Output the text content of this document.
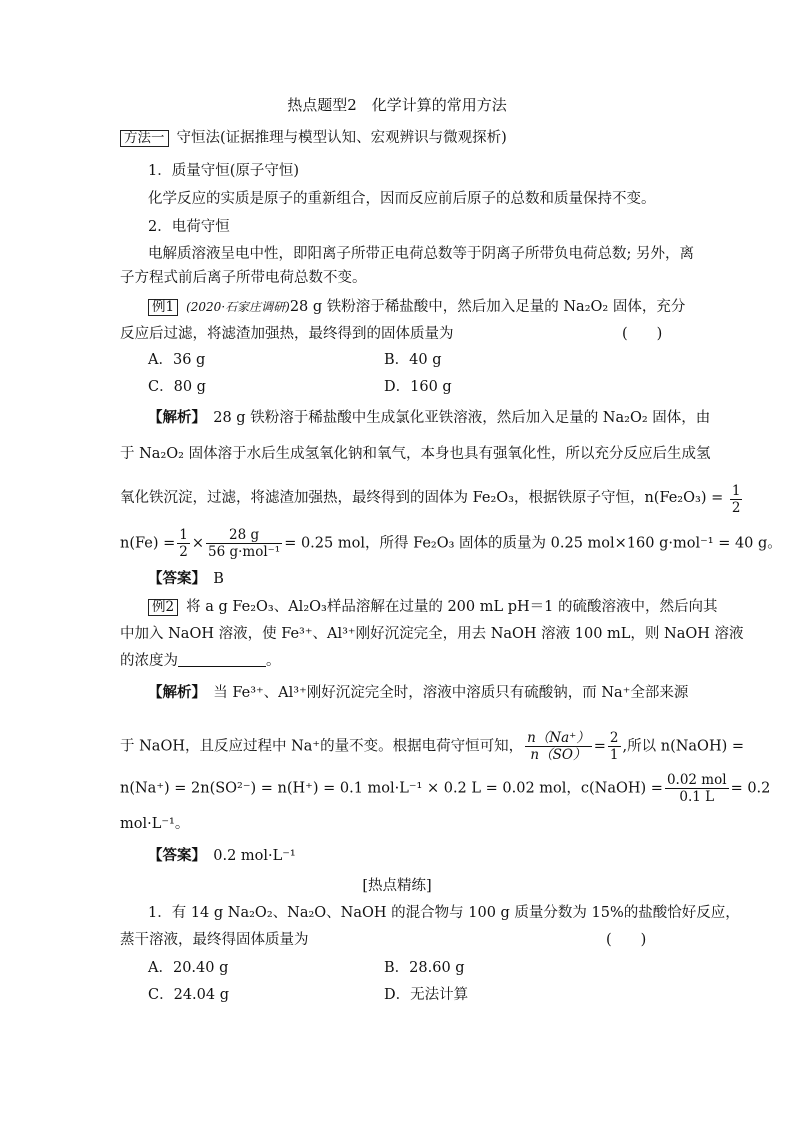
热点题型2　化学计算的常用方法
方法一 守恒法(证据推理与模型认知、宏观辨识与微观探析)
1．质量守恒(原子守恒)
化学反应的实质是原子的重新组合，因而反应前后原子的总数和质量保持不变。
2．电荷守恒
电解质溶液呈电中性，即阳离子所带正电荷总数等于阴离子所带负电荷总数; 另外，离
子方程式前后离子所带电荷总数不变。
例1 (2020·石家庄调研)28 g 铁粉溶于稀盐酸中，然后加入足量的 Na₂O₂ 固体，充分
反应后过滤，将滤渣加强热，最终得到的固体质量为	(　　)
A．36 g	B．40 g
C．80 g	D．160 g
【解析】　 28 g 铁粉溶于稀盐酸中生成氯化亚铁溶液，然后加入足量的 Na₂O₂ 固体，由
于 Na₂O₂ 固体溶于水后生成氢氧化钠和氧气，本身也具有强氧化性，所以充分反应后生成氢
氧化铁沉淀，过滤，将滤渣加强热，最终得到的固体为 Fe₂O₃，根据铁原子守恒，$n(Fe_2O_3) = \frac{1}{2}$
$n(Fe) = \frac{1}{2} \times \frac{28 g}{\text{56 g·mol⁻¹}} = 0.25$ mol，所得 Fe₂O₃ 固体的质量为 0.25 mol×160 g·mol⁻¹ = 40 g。
【答案】　 B
例2 将 a g Fe₂O₃、Al₂O₃样品溶解在过量的 200 mL pH＝1 的硫酸溶液中，然后向其
中加入 NaOH 溶液，使 Fe³⁺、Al³⁺刚好沉淀完全，用去 NaOH 溶液 100 mL，则 NaOH 溶液
的浓度为	。
【解析】　 当 Fe³⁺、Al³⁺刚好沉淀完全时，溶液中溶质只有硫酸钠，而 Na⁺全部来源
于 NaOH，且反应过程中 Na⁺的量不变。根据电荷守恒可知， $\frac{n(Na^+)}{n(SO)} = \frac{2}{1}$ ,所以 n(NaOH) =
n(Na⁺) = 2n(SO²⁻) = n(H⁺) = 0.1 mol·L⁻¹ × 0.2 L = 0.02 mol，c(NaOH) = $\frac{\text{0.02 mol}}{0.1 L} = 0.2$
mol·L⁻¹。
【答案】　 0.2 mol·L⁻¹
[热点精练]
1．有 14 g Na₂O₂、Na₂O、NaOH 的混合物与 100 g 质量分数为 15%的盐酸恰好反应，
蒸干溶液，最终得固体质量为	(　　)
A．20.40 g	B．28.60 g
C．24.04 g	D．无法计算
